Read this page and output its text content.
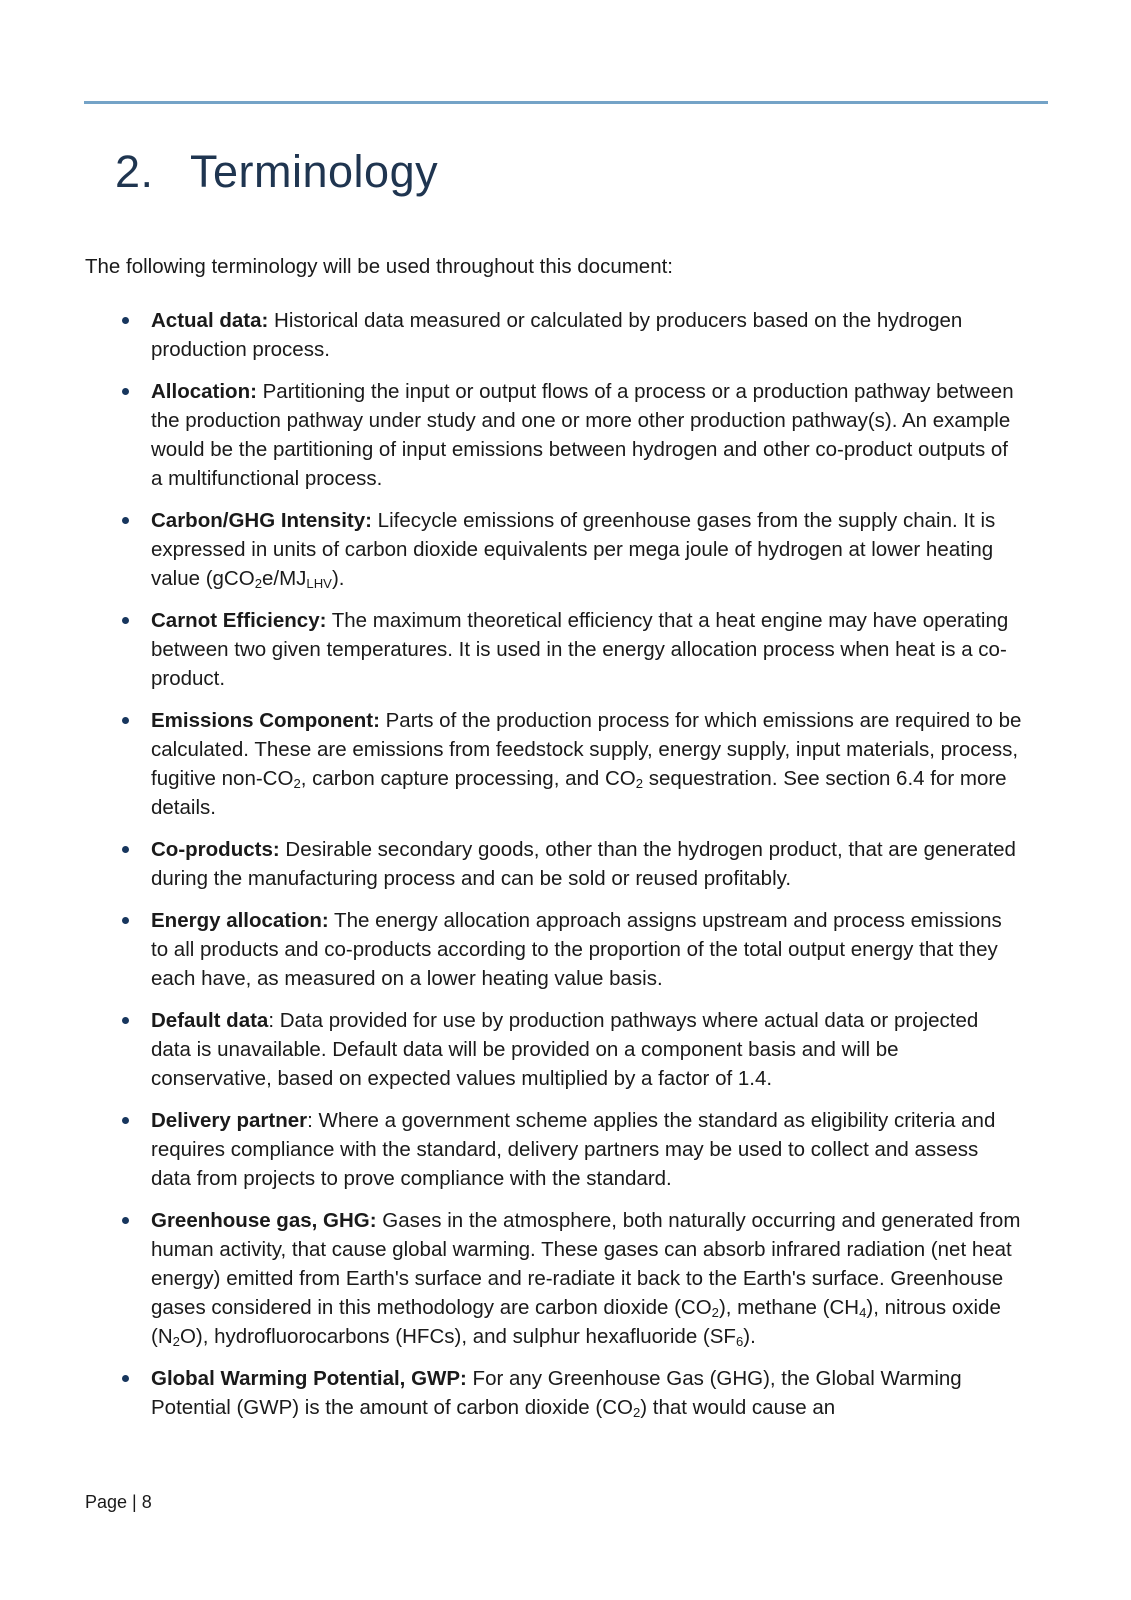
2. Terminology
The following terminology will be used throughout this document:
Actual data: Historical data measured or calculated by producers based on the hydrogen production process.
Allocation: Partitioning the input or output flows of a process or a production pathway between the production pathway under study and one or more other production pathway(s). An example would be the partitioning of input emissions between hydrogen and other co-product outputs of a multifunctional process.
Carbon/GHG Intensity: Lifecycle emissions of greenhouse gases from the supply chain. It is expressed in units of carbon dioxide equivalents per mega joule of hydrogen at lower heating value $(gCO_2e/MJ_{LHV})$.
Carnot Efficiency: The maximum theoretical efficiency that a heat engine may have operating between two given temperatures. It is used in the energy allocation process when heat is a co-product.
Emissions Component: Parts of the production process for which emissions are required to be calculated. These are emissions from feedstock supply, energy supply, input materials, process, fugitive non-$CO_2$, carbon capture processing, and $CO_2$ sequestration. See section 6.4 for more details.
Co-products: Desirable secondary goods, other than the hydrogen product, that are generated during the manufacturing process and can be sold or reused profitably.
Energy allocation: The energy allocation approach assigns upstream and process emissions to all products and co-products according to the proportion of the total output energy that they each have, as measured on a lower heating value basis.
Default data: Data provided for use by production pathways where actual data or projected data is unavailable. Default data will be provided on a component basis and will be conservative, based on expected values multiplied by a factor of 1.4.
Delivery partner: Where a government scheme applies the standard as eligibility criteria and requires compliance with the standard, delivery partners may be used to collect and assess data from projects to prove compliance with the standard.
Greenhouse gas, GHG: Gases in the atmosphere, both naturally occurring and generated from human activity, that cause global warming. These gases can absorb infrared radiation (net heat energy) emitted from Earth's surface and re-radiate it back to the Earth's surface. Greenhouse gases considered in this methodology are carbon dioxide $(CO_2)$, methane $(CH_4)$, nitrous oxide $(N_2O)$, hydrofluorocarbons (HFCs), and sulphur hexafluoride $(SF_6)$.
Global Warming Potential, GWP: For any Greenhouse Gas (GHG), the Global Warming Potential (GWP) is the amount of carbon dioxide $(CO_2)$ that would cause an
Page | 8
